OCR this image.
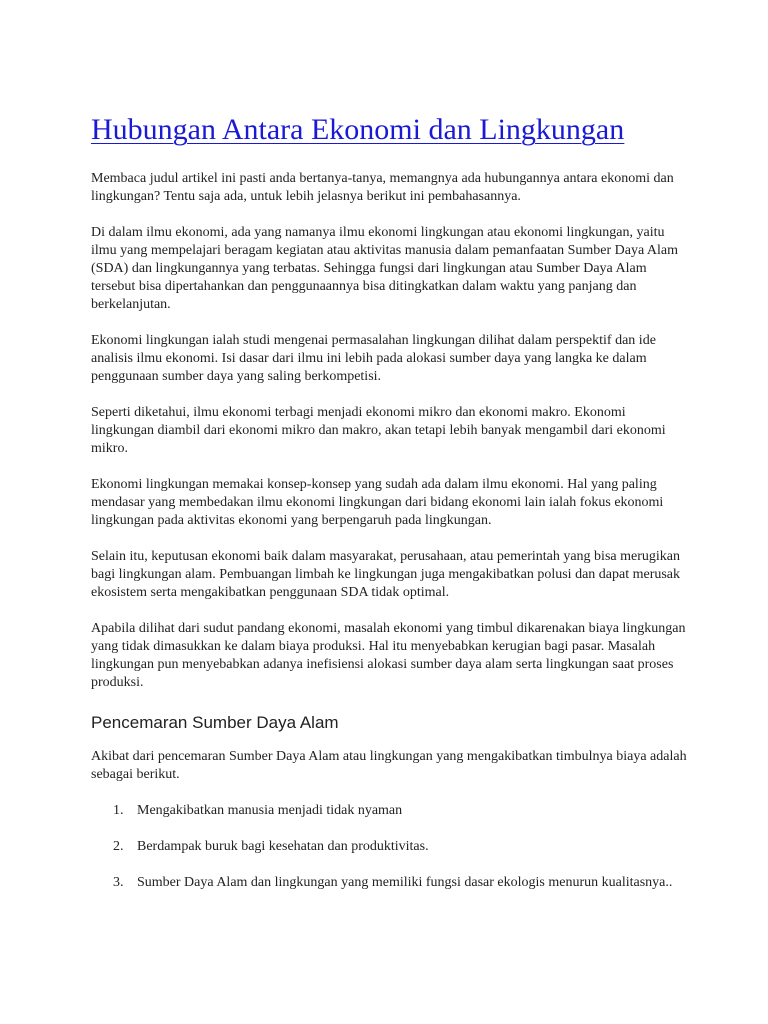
Hubungan Antara Ekonomi dan Lingkungan

Membaca judul artikel ini pasti anda bertanya-tanya, memangnya ada hubungannya antara ekonomi dan lingkungan? Tentu saja ada, untuk lebih jelasnya berikut ini pembahasannya.

Di dalam ilmu ekonomi, ada yang namanya ilmu ekonomi lingkungan atau ekonomi lingkungan, yaitu ilmu yang mempelajari beragam kegiatan atau aktivitas manusia dalam pemanfaatan Sumber Daya Alam (SDA) dan lingkungannya yang terbatas. Sehingga fungsi dari lingkungan atau Sumber Daya Alam tersebut bisa dipertahankan dan penggunaannya bisa ditingkatkan dalam waktu yang panjang dan berkelanjutan.

Ekonomi lingkungan ialah studi mengenai permasalahan lingkungan dilihat dalam perspektif dan ide analisis ilmu ekonomi. Isi dasar dari ilmu ini lebih pada alokasi sumber daya yang langka ke dalam penggunaan sumber daya yang saling berkompetisi.

Seperti diketahui, ilmu ekonomi terbagi menjadi ekonomi mikro dan ekonomi makro. Ekonomi lingkungan diambil dari ekonomi mikro dan makro, akan tetapi lebih banyak mengambil dari ekonomi mikro.

Ekonomi lingkungan memakai konsep-konsep yang sudah ada dalam ilmu ekonomi. Hal yang paling mendasar yang membedakan ilmu ekonomi lingkungan dari bidang ekonomi lain ialah fokus ekonomi lingkungan pada aktivitas ekonomi yang berpengaruh pada lingkungan.

Selain itu, keputusan ekonomi baik dalam masyarakat, perusahaan, atau pemerintah yang bisa merugikan bagi lingkungan alam. Pembuangan limbah ke lingkungan juga mengakibatkan polusi dan dapat merusak ekosistem serta mengakibatkan penggunaan SDA tidak optimal.

Apabila dilihat dari sudut pandang ekonomi, masalah ekonomi yang timbul dikarenakan biaya lingkungan yang tidak dimasukkan ke dalam biaya produksi. Hal itu menyebabkan kerugian bagi pasar. Masalah lingkungan pun menyebabkan adanya inefisiensi alokasi sumber daya alam serta lingkungan saat proses produksi.

Pencemaran Sumber Daya Alam

Akibat dari pencemaran Sumber Daya Alam atau lingkungan yang mengakibatkan timbulnya biaya adalah sebagai berikut.

1. Mengakibatkan manusia menjadi tidak nyaman
2. Berdampak buruk bagi kesehatan dan produktivitas.
3. Sumber Daya Alam dan lingkungan yang memiliki fungsi dasar ekologis menurun kualitasnya..
